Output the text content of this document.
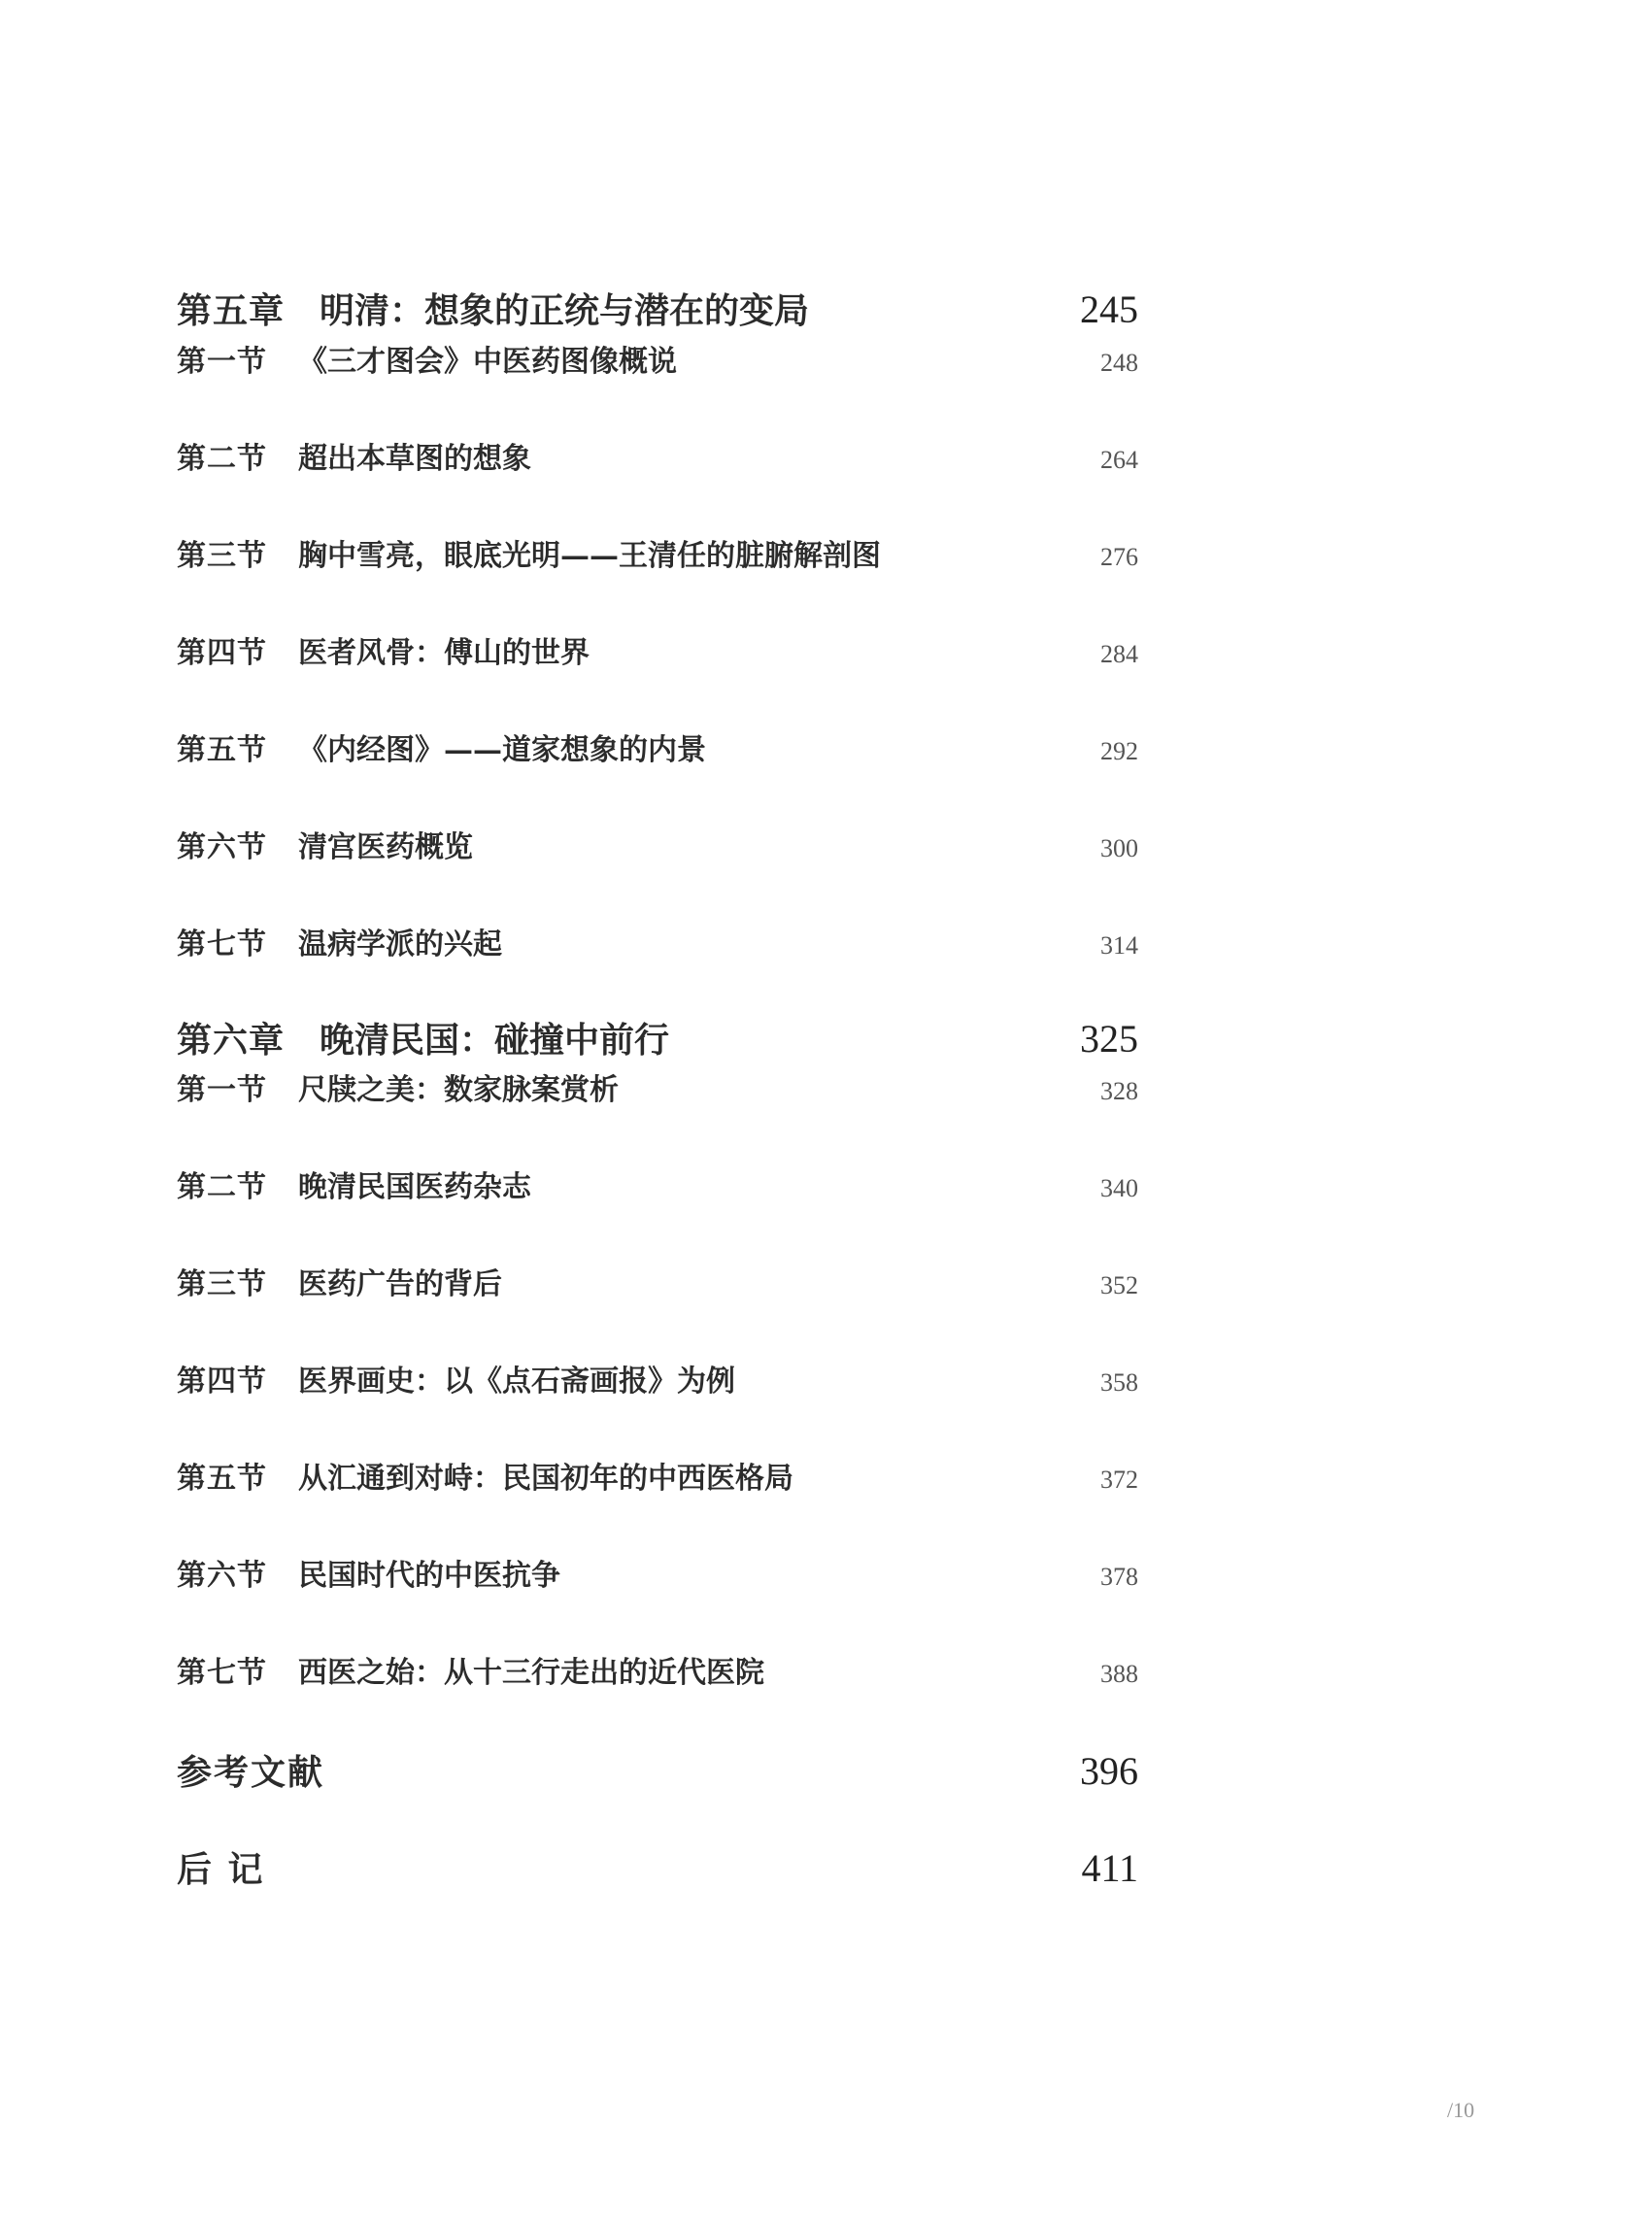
第五章 明清：想象的正统与潜在的变局	245
第一节 《三才图会》中医药图像概说	248
第二节 超出本草图的想象	264
第三节 胸中雪亮，眼底光明——王清任的脏腑解剖图	276
第四节 医者风骨：傅山的世界	284
第五节 《内经图》——道家想象的内景	292
第六节 清宫医药概览	300
第七节 温病学派的兴起	314
第六章 晚清民国：碰撞中前行	325
第一节 尺牍之美：数家脉案赏析	328
第二节 晚清民国医药杂志	340
第三节 医药广告的背后	352
第四节 医界画史：以《点石斋画报》为例	358
第五节 从汇通到对峙：民国初年的中西医格局	372
第六节 民国时代的中医抗争	378
第七节 西医之始：从十三行走出的近代医院	388
参考文献	396
后 记	411
/10
